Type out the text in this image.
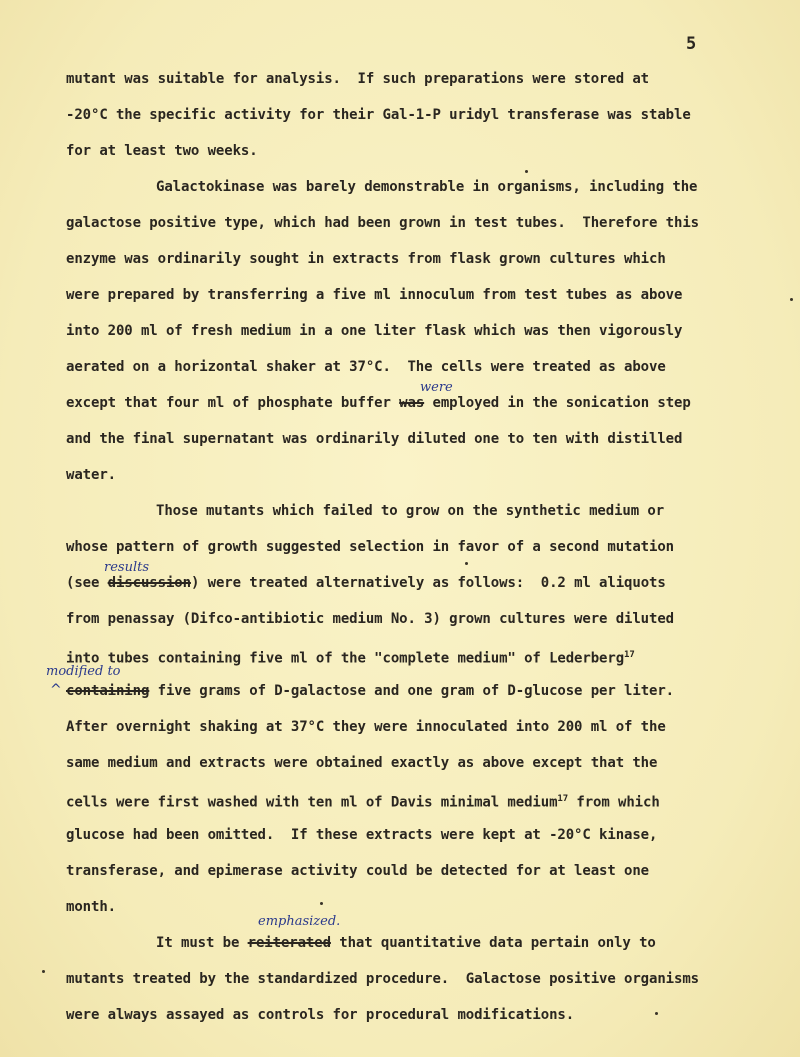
5
mutant was suitable for analysis.  If such preparations were stored at
-20°C the specific activity for their Gal-1-P uridyl transferase was stable
for at least two weeks.
Galactokinase was barely demonstrable in organisms, including the
galactose positive type, which had been grown in test tubes.  Therefore this
enzyme was ordinarily sought in extracts from flask grown cultures which
were prepared by transferring a five ml innoculum from test tubes as above
into 200 ml of fresh medium in a one liter flask which was then vigorously
aerated on a horizontal shaker at 37°C.  The cells were treated as above
were
except that four ml of phosphate buffer was employed in the sonication step
and the final supernatant was ordinarily diluted one to ten with distilled
water.
Those mutants which failed to grow on the synthetic medium or
whose pattern of growth suggested selection in favor of a second mutation
results
(see discussion) were treated alternatively as follows:  0.2 ml aliquots
from penassay (Difco-antibiotic medium No. 3) grown cultures were diluted
into tubes containing five ml of the "complete medium" of Lederberg$^{17}$
modified to
^ containing five grams of D-galactose and one gram of D-glucose per liter.
After overnight shaking at 37°C they were innoculated into 200 ml of the
same medium and extracts were obtained exactly as above except that the
cells were first washed with ten ml of Davis minimal medium$^{17}$ from which
glucose had been omitted.  If these extracts were kept at -20°C kinase,
transferase, and epimerase activity could be detected for at least one
month.
emphasized.
It must be reiterated that quantitative data pertain only to
mutants treated by the standardized procedure.  Galactose positive organisms
were always assayed as controls for procedural modifications.
